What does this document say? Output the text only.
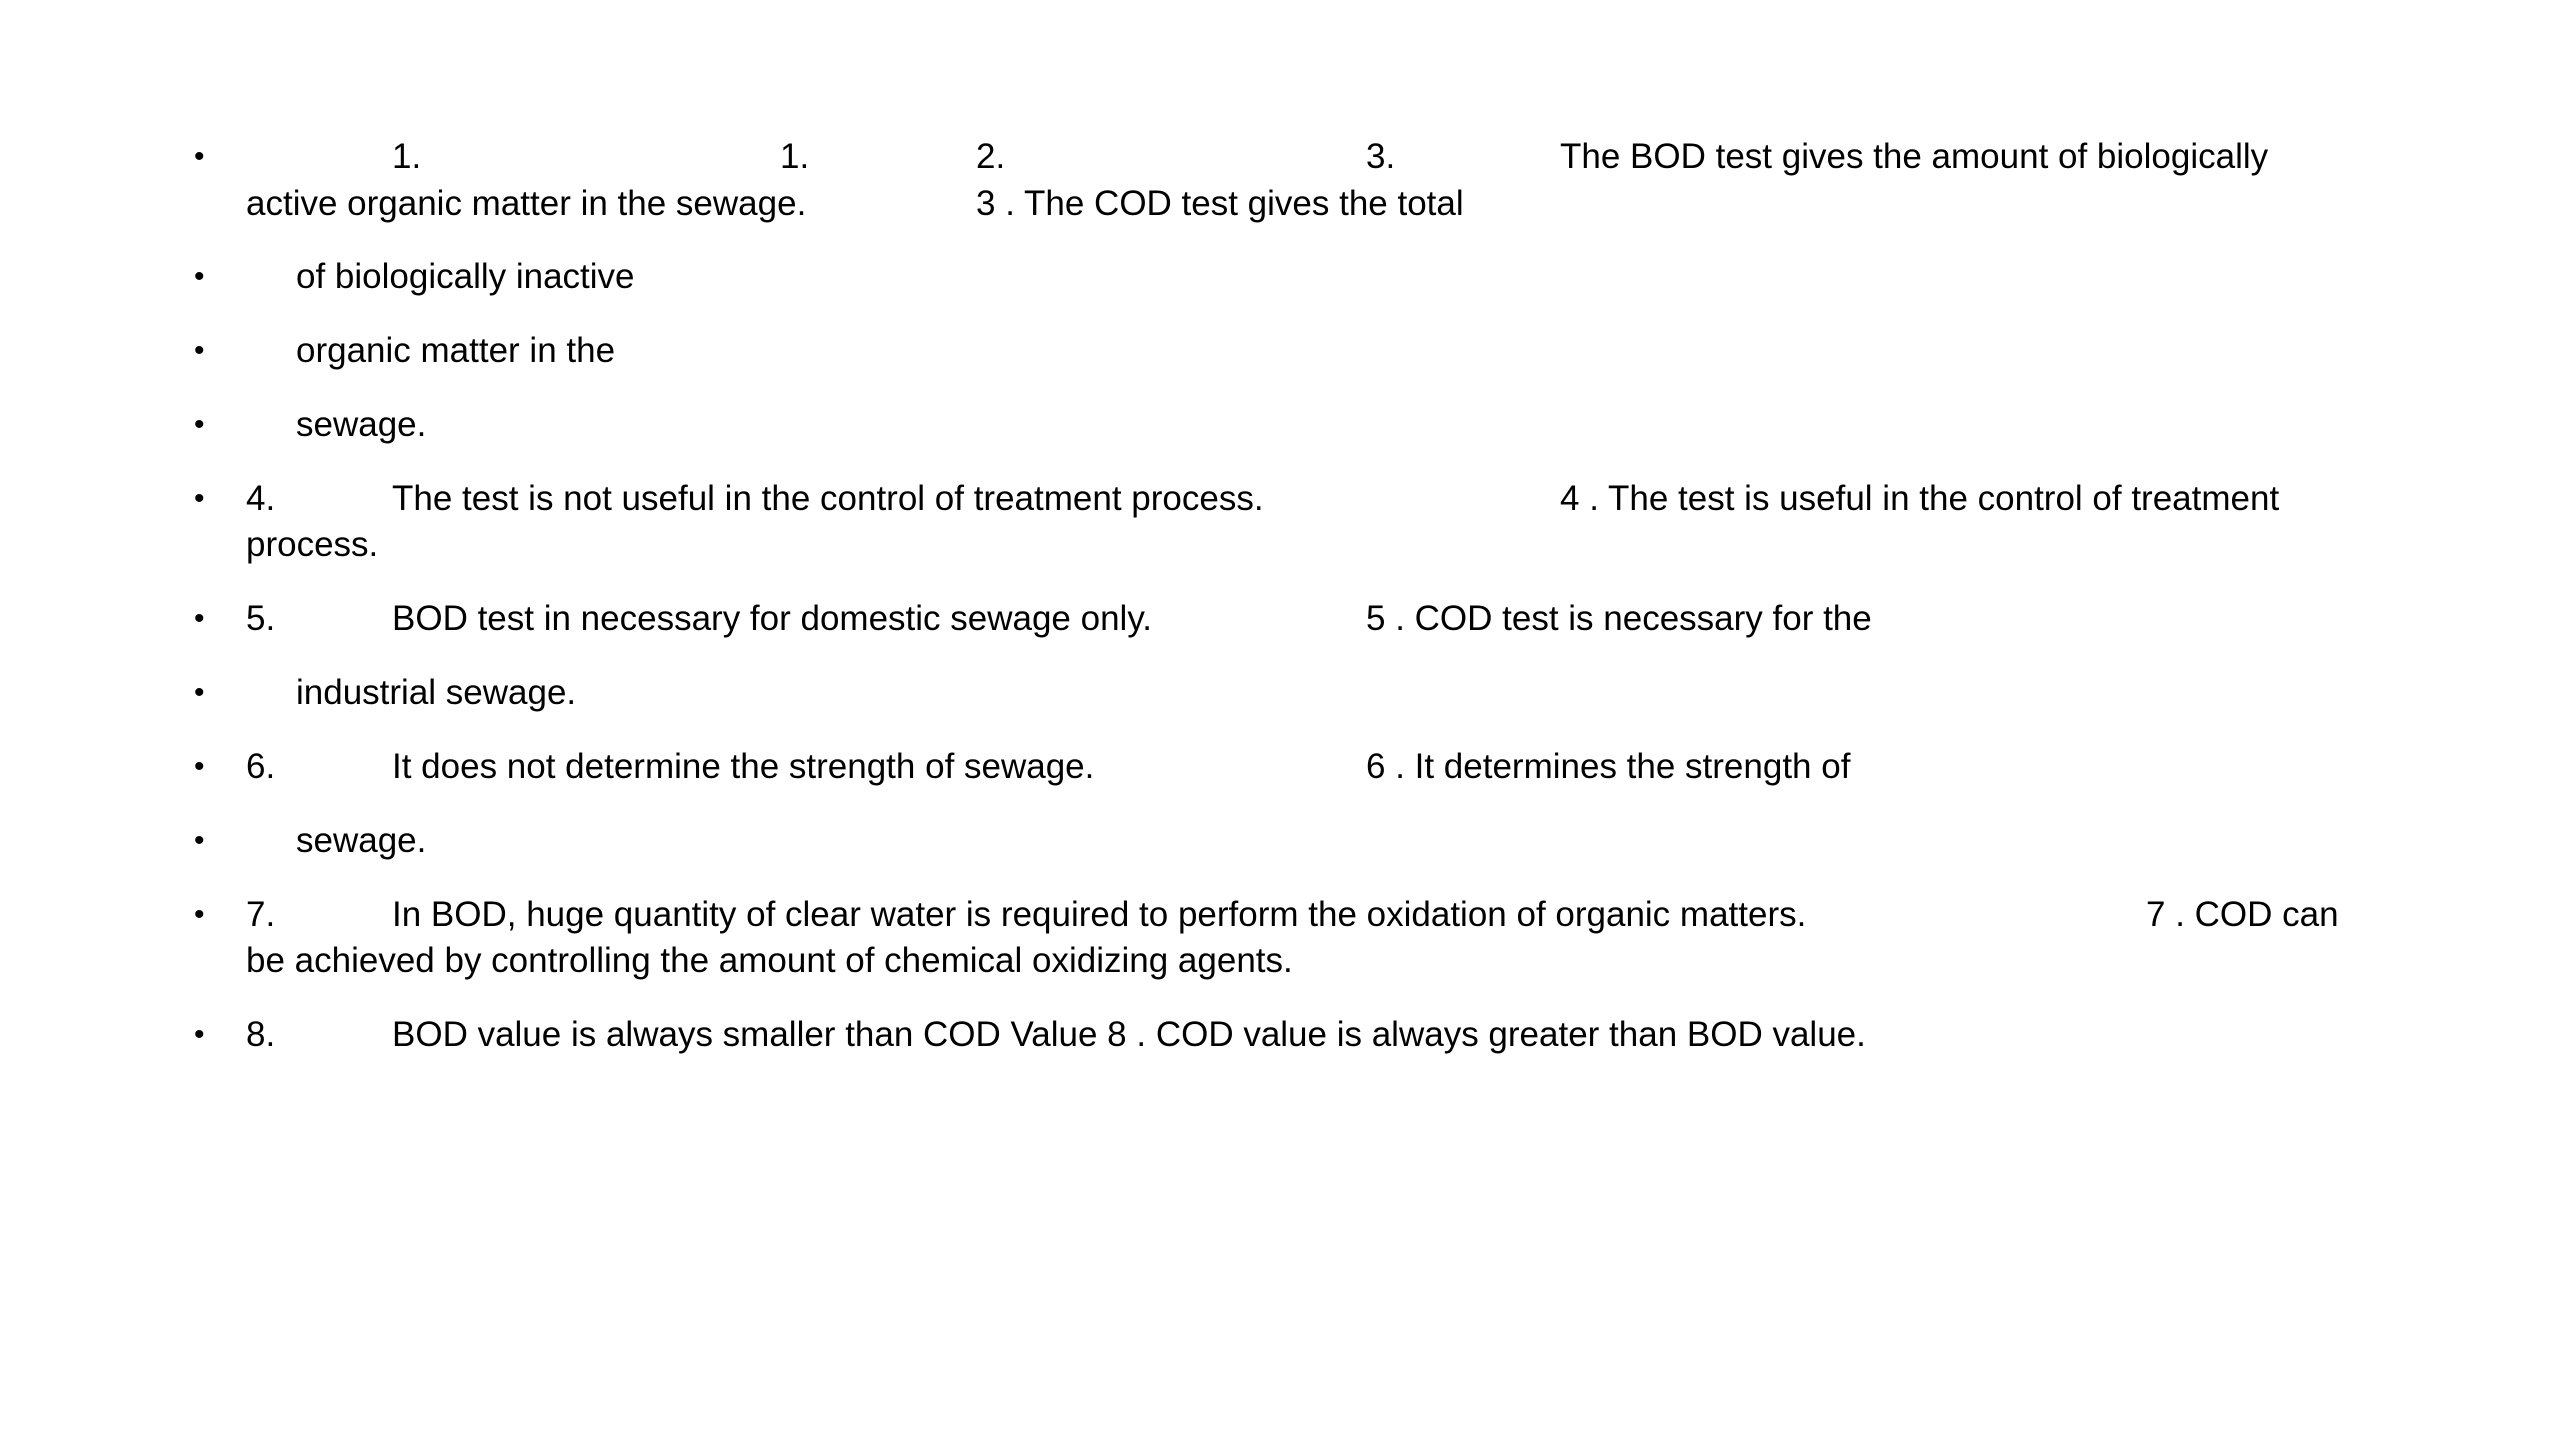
•	1.	1.	2.	3.	The BOD test gives the amount of biologically
active organic matter in the sewage.	3 . The COD test gives the total
•	of biologically inactive
•	organic matter in the
•	sewage.
• 4.	The test is not useful in the control of treatment process.	4 . The test is useful in the control of treatment
process.
• 5.	BOD test in necessary for domestic sewage only.	5 . COD test is necessary for the
•	industrial sewage.
• 6.	It does not determine the strength of sewage.	6 . It determines the strength of
•	sewage.
• 7.	In BOD, huge quantity of clear water is required to perform the oxidation of organic matters.	7 . COD can
be achieved by controlling the amount of chemical oxidizing agents.
• 8.	BOD value is always smaller than COD Value 8 . COD value is always greater than BOD value.
